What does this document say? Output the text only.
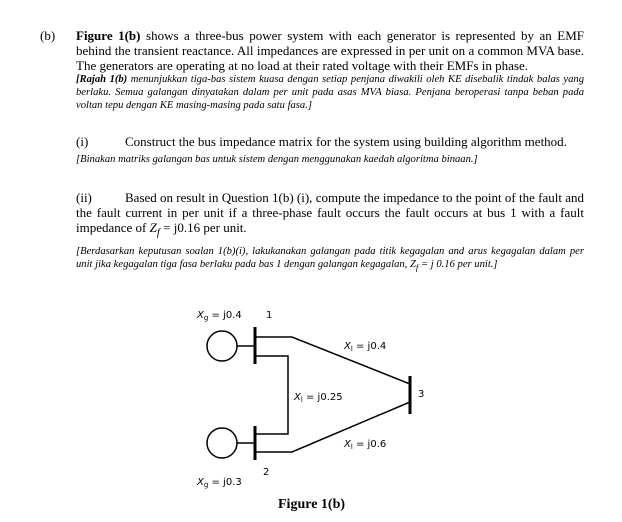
(b) Figure 1(b) shows a three-bus power system with each generator is represented by an EMF behind the transient reactance. All impedances are expressed in per unit on a common MVA base. The generators are operating at no load at their rated voltage with their EMFs in phase.
[Rajah 1(b) menunjukkan tiga-bas sistem kuasa dengan setiap penjana diwakili oleh KE disebalik tindak balas yang berlaku. Semua galangan dinyatakan dalam per unit pada asas MVA biasa. Penjana beroperasi tanpa beban pada voltan tepu dengan KE masing-masing pada satu fasa.]
(i)	Construct the bus impedance matrix for the system using building algorithm method.
[Binakan matriks galangan bas untuk sistem dengan menggunakan kaedah algoritma binaan.]
(ii)	Based on result in Question 1(b) (i), compute the impedance to the point of the fault and the fault current in per unit if a three-phase fault occurs the fault occurs at bus 1 with a fault impedance of $Z_f = j0.16$ per unit.
[Berdasarkan keputusan soalan 1(b)(i), lakukanakan galangan pada titik kegagalan and arus kegagalan dalam per unit jika kegagalan tiga fasa berlaku pada bas 1 dengan galangan kegagalan, $Z_f = j$ 0.16 per unit.]
$X_g = j0.4$ 1
$X_l = j0.4$
$X_l = j0.25$	3
$X_l = j0.6$
2
$X_g = j0.3$
Figure 1(b)
